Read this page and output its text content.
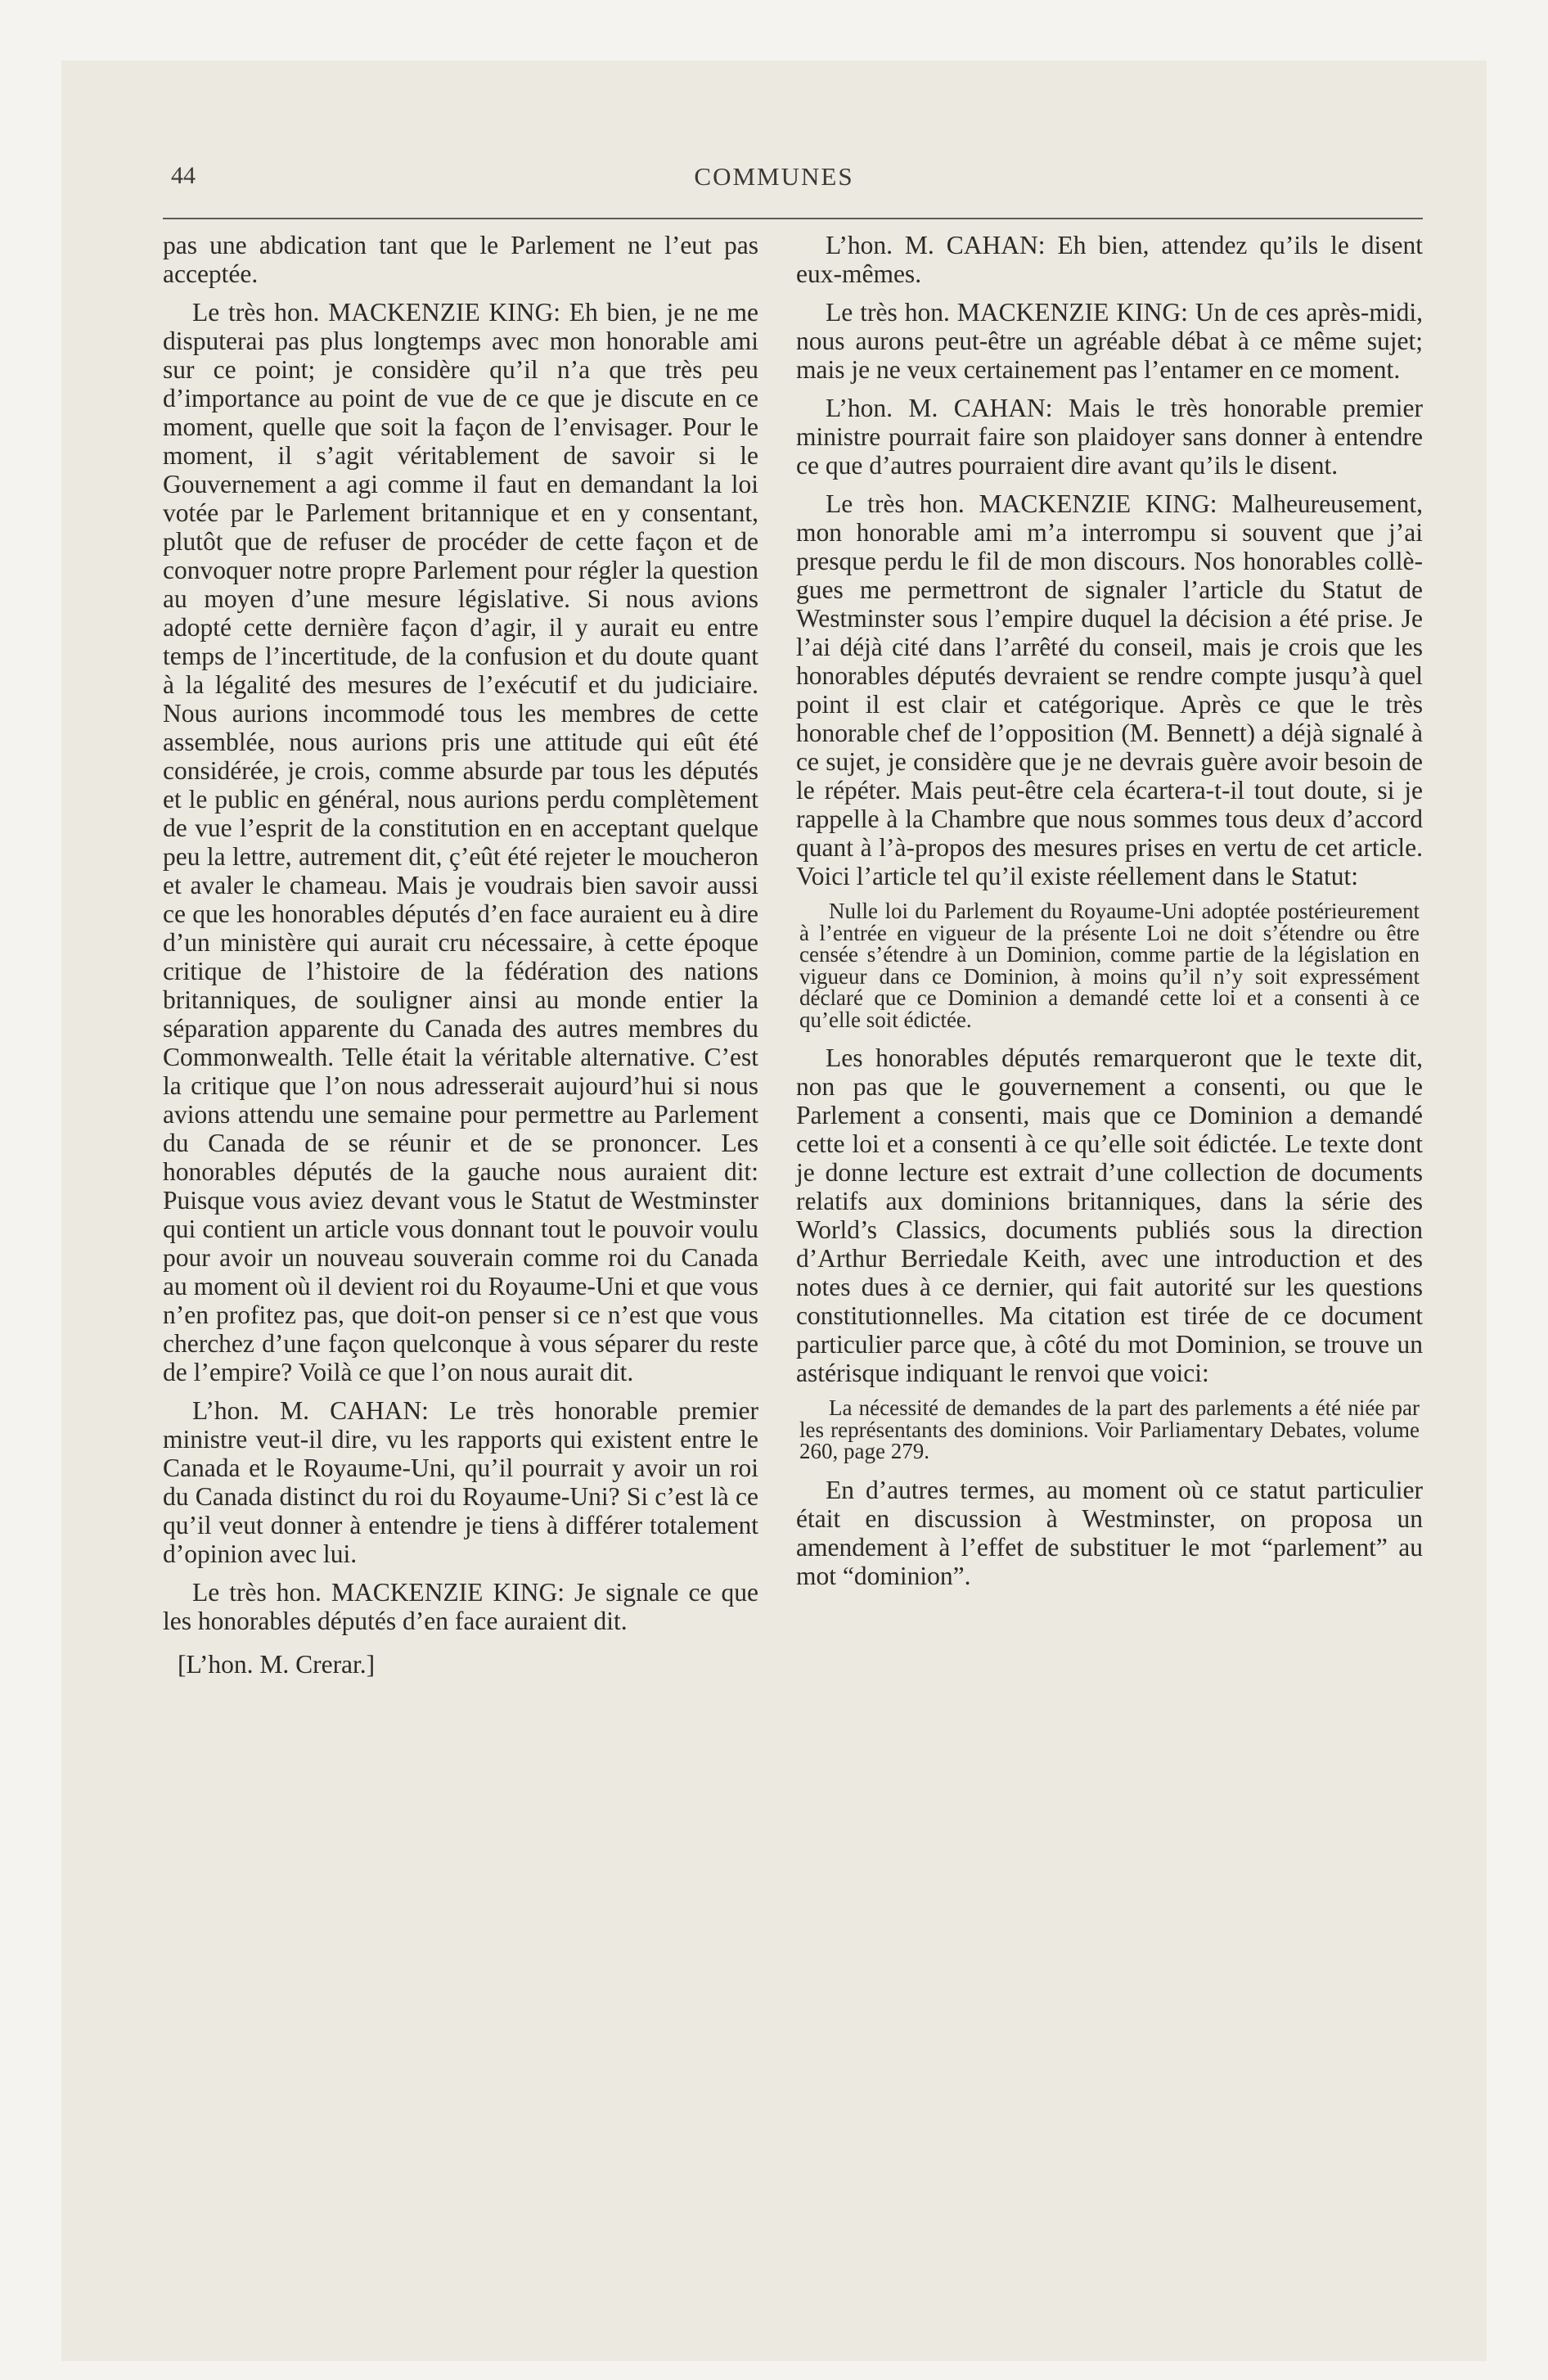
44	COMMUNES

pas une abdication tant que le Parlement ne l’eut pas acceptée.

Le très hon. MACKENZIE KING: Eh bien, je ne me disputerai pas plus longtemps avec mon honorable ami sur ce point; je considère qu’il n’a que très peu d’importance au point de vue de ce que je discute en ce moment, quelle que soit la façon de l’envisager. Pour le moment, il s’agit véritablement de savoir si le Gouvernement a agi comme il faut en demandant la loi votée par le Parlement britannique et en y consentant, plutôt que de refuser de procéder de cette façon et de convoquer notre propre Parlement pour régler la question au moyen d’une mesure législative. Si nous avions adopté cette dernière façon d’agir, il y aurait eu entre temps de l’incertitude, de la confusion et du doute quant à la légalité des mesures de l’exécutif et du judiciaire. Nous aurions incommodé tous les membres de cette assemblée, nous aurions pris une attitude qui eût été considérée, je crois, comme absurde par tous les députés et le public en général, nous aurions perdu complètement de vue l’esprit de la constitution en en acceptant quelque peu la lettre, autrement dit, ç’eût été rejeter le moucheron et avaler le chameau. Mais je voudrais bien savoir aussi ce que les honorables députés d’en face auraient eu à dire d’un ministère qui aurait cru nécessaire, à cette époque critique de l’histoire de la fédération des nations britanniques, de souligner ainsi au monde entier la séparation apparente du Canada des autres membres du Commonwealth. Telle était la véritable alternative. C’est la critique que l’on nous adresserait aujourd’hui si nous avions attendu une semaine pour permettre au Parlement du Canada de se réunir et de se prononcer. Les honorables députés de la gauche nous auraient dit: Puisque vous aviez devant vous le Statut de Westminster qui contient un article vous donnant tout le pouvoir voulu pour avoir un nouveau souverain comme roi du Canada au moment où il devient roi du Royaume-Uni et que vous n’en profitez pas, que doit-on penser si ce n’est que vous cherchez d’une façon quelconque à vous séparer du reste de l’empire? Voilà ce que l’on nous aurait dit.

L’hon. M. CAHAN: Le très honorable premier ministre veut-il dire, vu les rapports qui existent entre le Canada et le Royaume-Uni, qu’il pourrait y avoir un roi du Canada distinct du roi du Royaume-Uni? Si c’est là ce qu’il veut donner à entendre je tiens à différer totalement d’opinion avec lui.

Le très hon. MACKENZIE KING: Je signale ce que les honorables députés d’en face auraient dit.

[L’hon. M. Crerar.]

L’hon. M. CAHAN: Eh bien, attendez qu’ils le disent eux-mêmes.

Le très hon. MACKENZIE KING: Un de ces après-midi, nous aurons peut-être un agréable débat à ce même sujet; mais je ne veux certainement pas l’entamer en ce moment.

L’hon. M. CAHAN: Mais le très honorable premier ministre pourrait faire son plaidoyer sans donner à entendre ce que d’autres pourraient dire avant qu’ils le disent.

Le très hon. MACKENZIE KING: Malheureusement, mon honorable ami m’a interrompu si souvent que j’ai presque perdu le fil de mon discours. Nos honorables collègues me permettront de signaler l’article du Statut de Westminster sous l’empire duquel la décision a été prise. Je l’ai déjà cité dans l’arrêté du conseil, mais je crois que les honorables députés devraient se rendre compte jusqu’à quel point il est clair et catégorique. Après ce que le très honorable chef de l’opposition (M. Bennett) a déjà signalé à ce sujet, je considère que je ne devrais guère avoir besoin de le répéter. Mais peut-être cela écartera-t-il tout doute, si je rappelle à la Chambre que nous sommes tous deux d’accord quant à l’à-propos des mesures prises en vertu de cet article. Voici l’article tel qu’il existe réellement dans le Statut:

Nulle loi du Parlement du Royaume-Uni adoptée postérieurement à l’entrée en vigueur de la présente Loi ne doit s’étendre ou être censée s’étendre à un Dominion, comme partie de la législation en vigueur dans ce Dominion, à moins qu’il n’y soit expressément déclaré que ce Dominion a demandé cette loi et a consenti à ce qu’elle soit édictée.

Les honorables députés remarqueront que le texte dit, non pas que le gouvernement a consenti, ou que le Parlement a consenti, mais que ce Dominion a demandé cette loi et a consenti à ce qu’elle soit édictée. Le texte dont je donne lecture est extrait d’une collection de documents relatifs aux dominions britanniques, dans la série des World’s Classics, documents publiés sous la direction d’Arthur Berriedale Keith, avec une introduction et des notes dues à ce dernier, qui fait autorité sur les questions constitutionnelles. Ma citation est tirée de ce document particulier parce que, à côté du mot Dominion, se trouve un astérisque indiquant le renvoi que voici:

La nécessité de demandes de la part des parlements a été niée par les représentants des dominions. Voir Parliamentary Debates, volume 260, page 279.

En d’autres termes, au moment où ce statut particulier était en discussion à Westminster, on proposa un amendement à l’effet de substituer le mot “parlement” au mot “dominion”.
